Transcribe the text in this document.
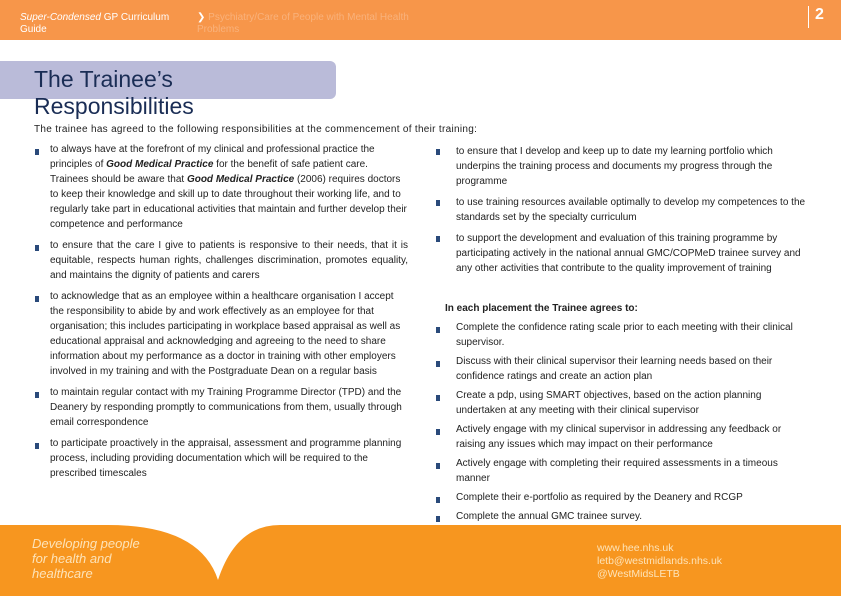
Super-Condensed GP Curriculum Guide
❯ Psychiatry/Care of People with Mental Health Problems
2
The Trainee’s Responsibilities
The trainee has agreed to the following responsibilities at the commencement of their training:
to always have at the forefront of my clinical and professional practice the principles of Good Medical Practice for the benefit of safe patient care. Trainees should be aware that Good Medical Practice (2006) requires doctors to keep their knowledge and skill up to date throughout their working life, and to regularly take part in educational activities that maintain and further develop their competence and performance
to ensure that the care I give to patients is responsive to their needs, that it is equitable, respects human rights, challenges discrimination, promotes equality, and maintains the dignity of patients and carers
to acknowledge that as an employee within a healthcare organisation I accept the responsibility to abide by and work effectively as an employee for that organisation; this includes participating in workplace based appraisal as well as educational appraisal and acknowledging and agreeing to the need to share information about my performance as a doctor in training with other employers involved in my training and with the Postgraduate Dean on a regular basis
to maintain regular contact with my Training Programme Director (TPD) and the Deanery by responding promptly to communications from them, usually through email correspondence
to participate proactively in the appraisal, assessment and programme planning process, including providing documentation which will be required to the prescribed timescales
to ensure that I develop and keep up to date my learning portfolio which underpins the training process and documents my progress through the programme
to use training resources available optimally to develop my competences to the standards set by the specialty curriculum
to support the development and evaluation of this training programme by participating actively in the national annual GMC/COPMeD trainee survey and any other activities that contribute to the quality improvement of training
In each placement the Trainee agrees to:
Complete the confidence rating scale prior to each meeting with their clinical supervisor.
Discuss with their clinical supervisor their learning needs based on their confidence ratings and create an action plan
Create a pdp, using SMART objectives, based on the action planning undertaken at any meeting with their clinical supervisor
Actively engage with my clinical supervisor in addressing any feedback or raising any issues which may impact on their performance
Actively engage with completing their required assessments in a timeous manner
Complete their e-portfolio as required by the Deanery and RCGP
Complete the annual GMC trainee survey.
Developing people
for health and
healthcare
www.hee.nhs.uk
letb@westmidlands.nhs.uk
@WestMidsLETB
